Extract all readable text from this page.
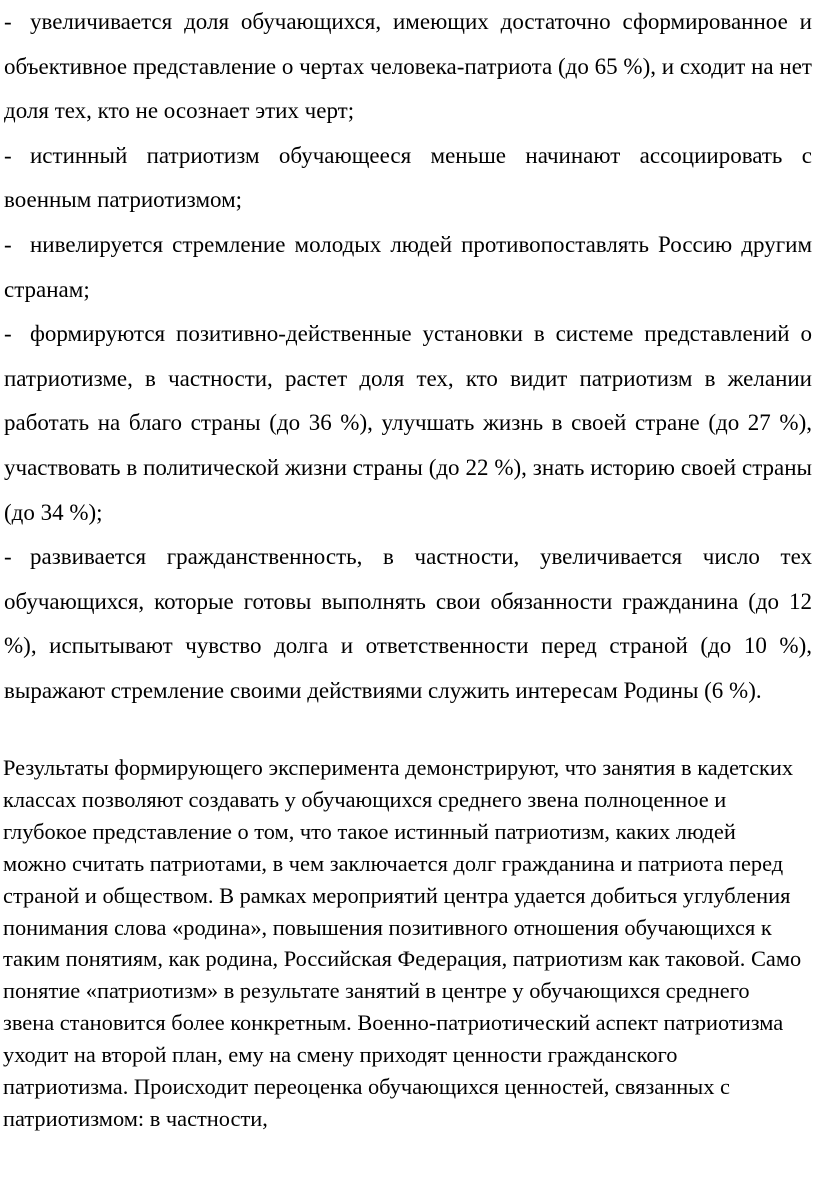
- увеличивается доля обучающихся, имеющих достаточно сформированное и объективное представление о чертах человека-патриота (до 65 %), и сходит на нет доля тех, кто не осознает этих черт;

- истинный патриотизм обучающееся меньше начинают ассоциировать с военным патриотизмом;

- нивелируется стремление молодых людей противопоставлять Россию другим странам;

- формируются позитивно-действенные установки в системе представлений о патриотизме, в частности, растет доля тех, кто видит патриотизм в желании работать на благо страны (до 36 %), улучшать жизнь в своей стране (до 27 %), участвовать в политической жизни страны (до 22 %), знать историю своей страны (до 34 %);

- развивается гражданственность, в частности, увеличивается число тех обучающихся, которые готовы выполнять свои обязанности гражданина (до 12 %), испытывают чувство долга и ответственности перед страной (до 10 %), выражают стремление своими действиями служить интересам Родины (6 %).

Результаты формирующего эксперимента демонстрируют, что занятия в кадетских классах позволяют создавать у обучающихся среднего звена полноценное и глубокое представление о том, что такое истинный патриотизм, каких людей можно считать патриотами, в чем заключается долг гражданина и патриота перед страной и обществом. В рамках мероприятий центра удается добиться углубления понимания слова «родина», повышения позитивного отношения обучающихся к таким понятиям, как родина, Российская Федерация, патриотизм как таковой. Само понятие «патриотизм» в результате занятий в центре у обучающихся среднего звена становится более конкретным. Военно-патриотический аспект патриотизма уходит на второй план, ему на смену приходят ценности гражданского патриотизма. Происходит переоценка обучающихся ценностей, связанных с патриотизмом: в частности,
